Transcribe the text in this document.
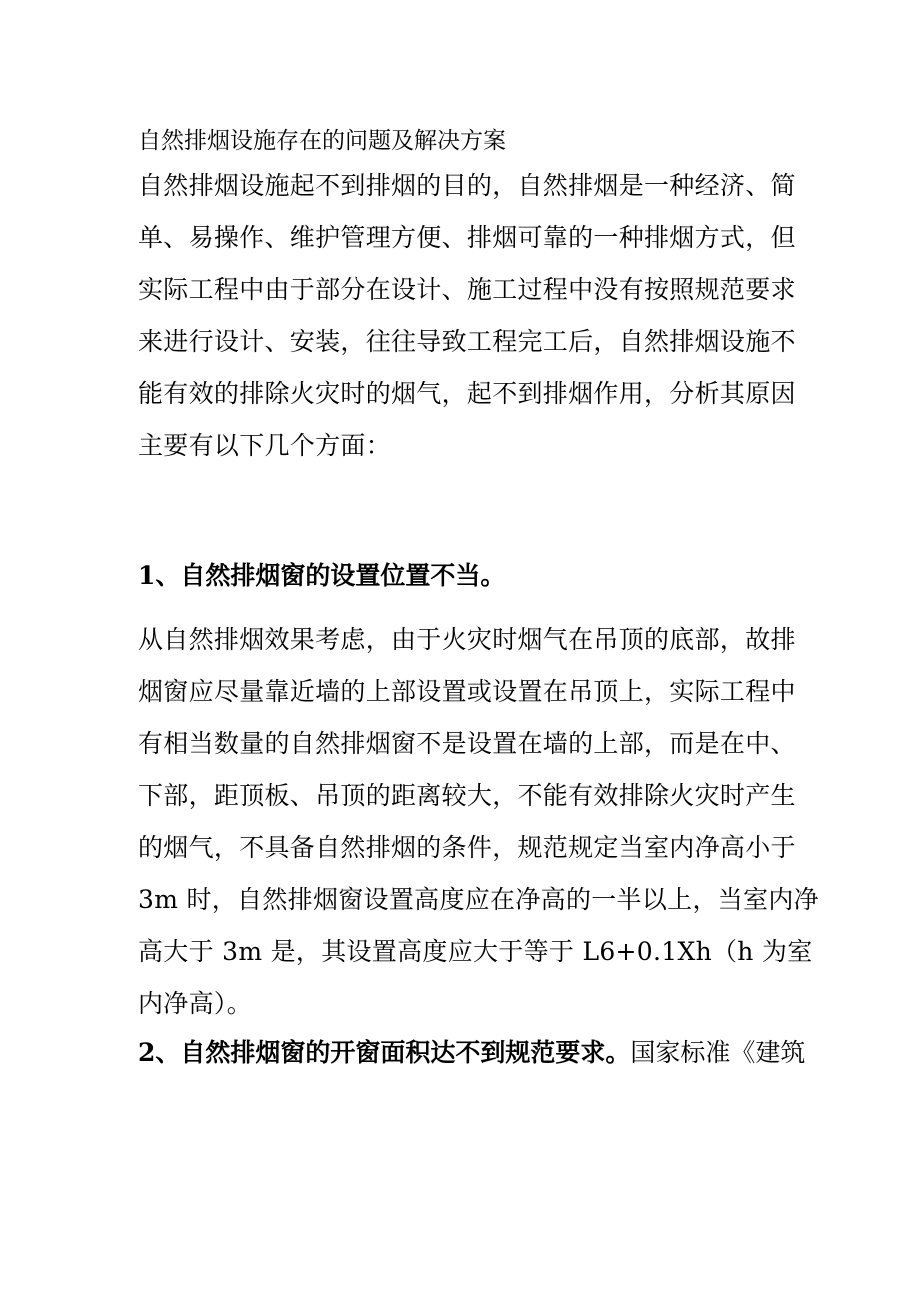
自然排烟设施存在的问题及解决方案
自然排烟设施起不到排烟的目的，自然排烟是一种经济、简
单、易操作、维护管理方便、排烟可靠的一种排烟方式，但
实际工程中由于部分在设计、施工过程中没有按照规范要求
来进行设计、安装，往往导致工程完工后，自然排烟设施不
能有效的排除火灾时的烟气，起不到排烟作用，分析其原因
主要有以下几个方面：
1、自然排烟窗的设置位置不当。
从自然排烟效果考虑，由于火灾时烟气在吊顶的底部，故排
烟窗应尽量靠近墙的上部设置或设置在吊顶上，实际工程中
有相当数量的自然排烟窗不是设置在墙的上部，而是在中、
下部，距顶板、吊顶的距离较大，不能有效排除火灾时产生
的烟气，不具备自然排烟的条件，规范规定当室内净高小于
3m 时，自然排烟窗设置高度应在净高的一半以上，当室内净
高大于 3m 是，其设置高度应大于等于 L6+0.1Xh（h 为室
内净高）。
2、自然排烟窗的开窗面积达不到规范要求。国家标准《建筑
